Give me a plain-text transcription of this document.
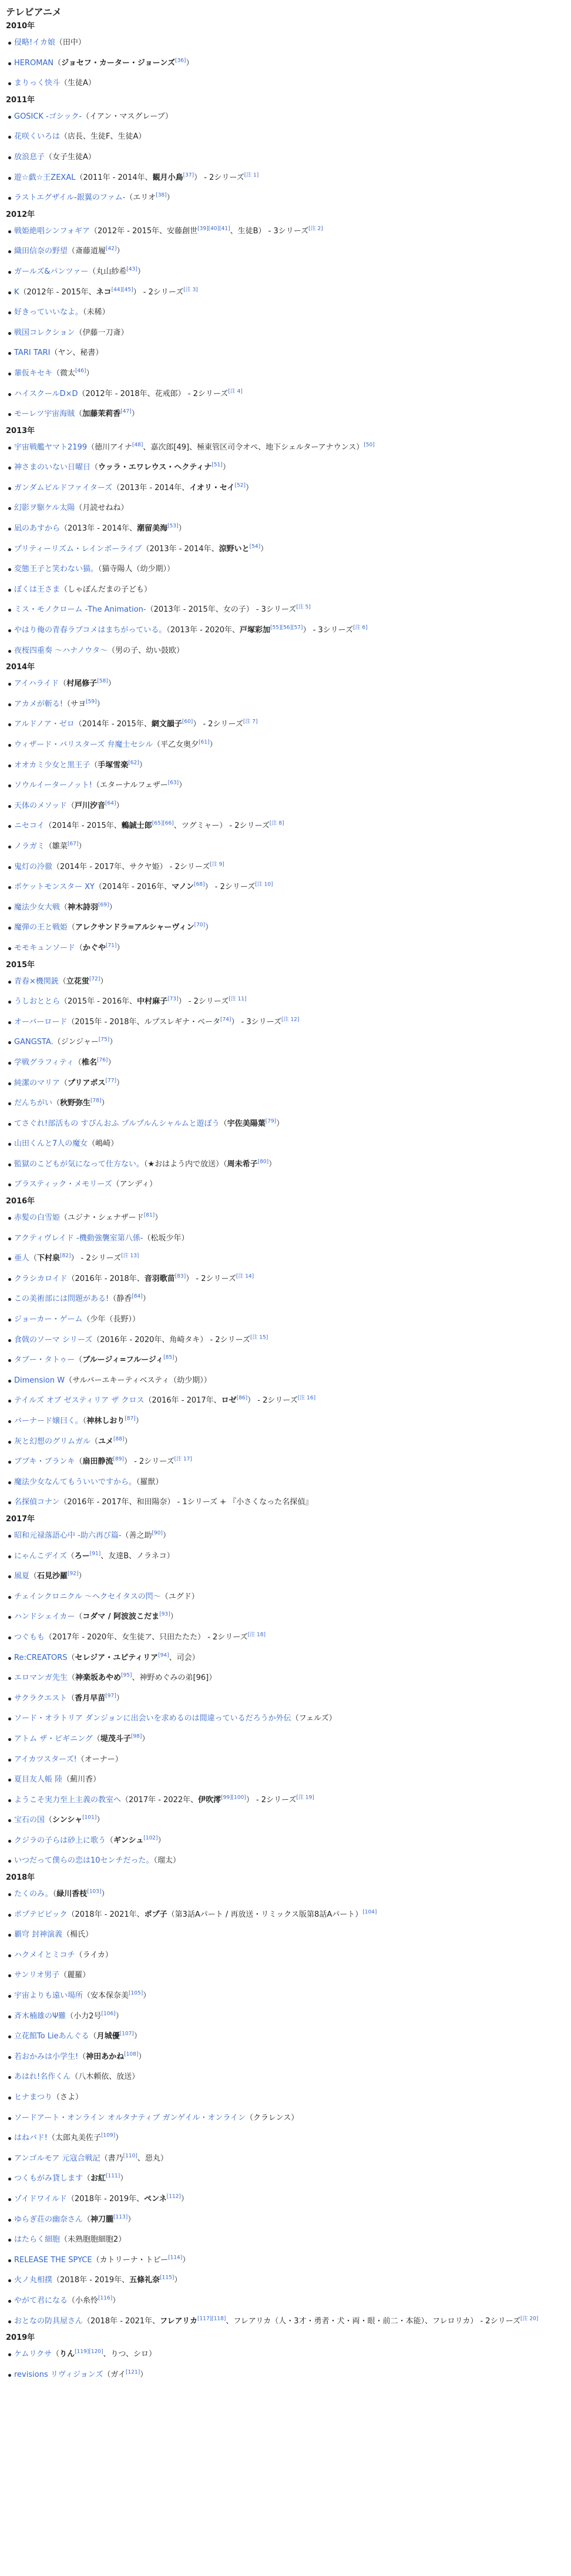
テレビアニメ
2010年
侵略!イカ娘（田中）
HEROMAN（ジョセフ・カーター・ジョーンズ[36]）
まりっく快斗（生徒A）
2011年
GOSICK -ゴシック-（イアン・マスグレーブ）
花咲くいろは（店長、生徒F、生徒A）
放浪息子（女子生徒A）
遊☆戯☆王ZEXAL（2011年 - 2014年、観月小鳥[37]） - 2シリーズ[注 1]
ラストエグザイル-銀翼のファム-（エリオ[38]）
2012年
戦姫絶唱シンフォギア（2012年 - 2015年、安藤創世[39][40][41]、生徒B） - 3シリーズ[注 2]
織田信奈の野望（斎藤道履[42]）
ガールズ&パンツァー（丸山紗希[43]）
K（2012年 - 2015年、ネコ[44][45]） - 2シリーズ[注 3]
好きっていいなよ。（未稀）
戦国コレクション（伊藤一刀斎）
TARI TARI（ヤン、秘書）
輩仮キセキ（微太[46]）
ハイスクールD×D（2012年 - 2018年、花戒郎） - 2シリーズ[注 4]
モーレツ宇宙海賊（加藤茉莉香[47]）
2013年
宇宙戦艦ヤマト2199（徳川アイナ[48]、嘉次郎[49]、極東管区司令オペ、地下シェルターアナウンス）[50]
神さまのいない日曜日（ウッラ・エワレウス・ヘクティナ[51]）
ガンダムビルドファイターズ（2013年 - 2014年、イオリ・セイ[52]）
幻影ヲ駆ケル太陽（月読せねね）
凪のあすから（2013年 - 2014年、潮留美海[53]）
プリティーリズム・レインボーライブ（2013年 - 2014年、涼野いと[54]）
変態王子と笑わない猫。（猫寺陽人（幼少期））
ぼくは王さま（しゃぼんだまの子ども）
ミス・モノクローム -The Animation-（2013年 - 2015年、女の子） - 3シリーズ[注 5]
やはり俺の青春ラブコメはまちがっている。（2013年 - 2020年、戸塚彩加[55][56][57]） - 3シリーズ[注 6]
夜桜四重奏 〜ハナノウタ〜（男の子、幼い鼓欧）
2014年
アイハライド（村尾修子[58]）
アカメが斬る!（サヨ[59]）
アルドノア・ゼロ（2014年 - 2015年、網文韻子[60]） - 2シリーズ[注 7]
ウィザード・バリスターズ 弁魔士セシル（平乙女奥夕[61]）
オオカミ少女と黒王子（手塚雪楽[62]）
ソウルイーターノット!（エターナルフェザー[63]）
天体のメソッド（戸川汐音[64]）
ニセコイ（2014年 - 2015年、鶫誠士郎[65][66]、ツグミャー） - 2シリーズ[注 8]
ノラガミ（雛菜[67]）
鬼灯の冷徹（2014年 - 2017年、サクヤ姫） - 2シリーズ[注 9]
ポケットモンスター XY（2014年 - 2016年、マノン[68]） - 2シリーズ[注 10]
魔法少女大戦（神木詩羽[69]）
魔弾の王と戦姫（アレクサンドラ=アルシャーヴィン[70]）
モモキュンソード（かぐや[71]）
2015年
青春×機関銃（立花蛍[72]）
うしおととら（2015年 - 2016年、中村麻子[73]） - 2シリーズ[注 11]
オーバーロード（2015年 - 2018年、ルプスレギナ・ベータ[74]） - 3シリーズ[注 12]
GANGSTA.（ジンジャー[75]）
学戦グラフィティ（椎名[76]）
純潔のマリア（プリアポス[77]）
だんちがい（秋野弥生[78]）
てさぐれ!部活もの すぴんおふ プルプルんシャルムと遊ぼう（宇佐美陽葉[79]）
山田くんと7人の魔女（嶋崎）
監獄のこどもが気になって仕方ない。（★おはよう内で放送）（周未希子[80]）
ブラスティック・メモリーズ（アンディ）
2016年
赤髪の白雪姫（ユジナ・シェナザード[81]）
アクティヴレイド -機動強襲室第八係-（松坂少年）
亜人（下村泉[82]） - 2シリーズ[注 13]
クラシカロイド（2016年 - 2018年、音羽歌苗[83]） - 2シリーズ[注 14]
この美術部には問題がある!（静香[84]）
ジョーカー・ゲーム（少年（長野））
食戟のソーマ シリーズ（2016年 - 2020年、角崎タキ） - 2シリーズ[注 15]
タブー・タトゥー（ブルージィ=フルージィ[85]）
Dimension W（サルバーエキーティベスティ（幼少期））
テイルズ オブ ゼスティリア ザ クロス（2016年 - 2017年、ロゼ[86]） - 2シリーズ[注 16]
バーナード嬢曰く。（神林しおり[87]）
灰と幻想のグリムガル（ユメ[88]）
ブブキ・ブランキ（扇田静流[89]） - 2シリーズ[注 17]
魔法少女なんてもういいですから。（羅獣）
名探偵コナン（2016年 - 2017年、和田陽奈） - 1シリーズ + 『小さくなった名探偵』
2017年
昭和元禄落語心中 -助六再び篇-（善之助[90]）
にゃんこデイズ（ろー[91]、友達B、ノラネコ）
風夏（石見沙羅[92]）
チェインクロニクル 〜ヘクセイタスの閃〜（ユグド）
ハンドシェイカー（コダマ / 阿波波こだま[93]）
つぐもも（2017年 - 2020年、女生徒ア、只田たたた） - 2シリーズ[注 18]
Re:CREATORS（セレジア・ユピティリア[94]、司会）
エロマンガ先生（神楽坂あやめ[95]、神野めぐみの弟[96]）
サクラクエスト（香月早苗[97]）
ソード・オラトリア ダンジョンに出会いを求めるのは間違っているだろうか外伝（フェルズ）
アトム ザ・ビギニング（堤茂斗子[98]）
アイカツスターズ!（オーナー）
夏目友人帳 陸（薊川香）
ようこそ実力至上主義の教室へ（2017年 - 2022年、伊吹澪[99][100]） - 2シリーズ[注 19]
宝石の国（シンシャ[101]）
クジラの子らは砂上に歌う（ギンシュ[102]）
いつだって僕らの恋は10センチだった。（瑠太）
2018年
たくのみ。（緑川香枝[103]）
ポプテピピック（2018年 - 2021年、ポプ子（第3話Aパート / 再放送・リミックス版第8話Aパート）[104]
覇穹 封神演義（楊氏）
ハクメイとミコチ（ライカ）
サンリオ男子（麗羅）
宇宙よりも遠い場所（安本保奈美[105]）
斉木楠雄のΨ難（小力2号[106]）
立花館To Lieあんぐる（月城優[107]）
若おかみは小学生!（神田あかね[108]）
あはれ!名作くん（八木頼依、放送）
ヒナまつり（さよ）
ソードアート・オンライン オルタナティブ ガンゲイル・オンライン（クラレンス）
はねバド!（太郎丸美佐子[109]）
アンゴルモア 元寇合戦記（書乃[110]、惡丸）
つくもがみ貸します（お紅[111]）
ゾイドワイルド（2018年 - 2019年、ペンネ[112]）
ゆらぎ荘の幽奈さん（神刀朧[113]）
はたらく細胞（未熟胞胞細胞2）
RELEASE THE SPYCE（カトリーナ・トビー[114]）
火ノ丸相撲（2018年 - 2019年、五條礼奈[115]）
やがて君になる（小糸怜[116]）
おとなの防具屋さん（2018年 - 2021年、フレアリカ[117][118]、フレアリカ（人・3才・勇者・犬・両・眼・前二・本能）、フレロリカ） - 2シリーズ[注 20]
2019年
ケムリクサ（りん[119][120]、りつ、シロ）
revisions リヴィジョンズ（ガイ[121]）
